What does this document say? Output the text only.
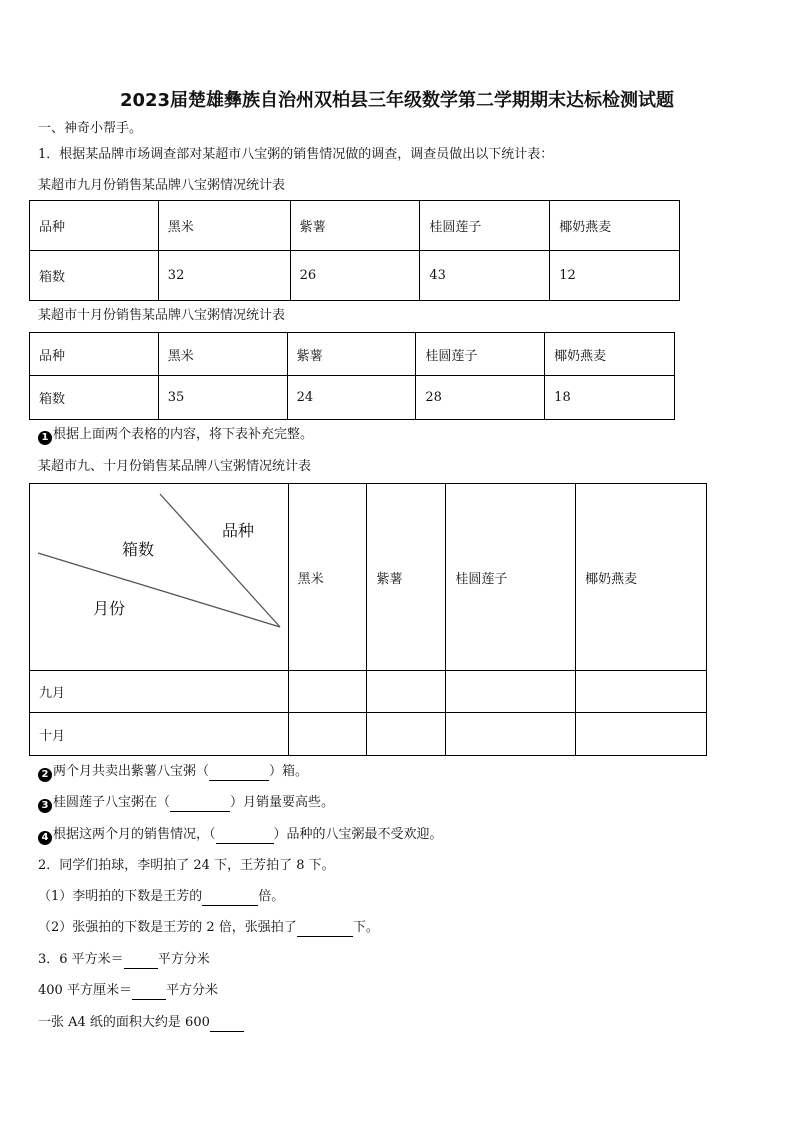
2023届楚雄彝族自治州双柏县三年级数学第二学期期末达标检测试题
一、神奇小帮手。
1．根据某品牌市场调查部对某超市八宝粥的销售情况做的调查，调查员做出以下统计表：
某超市九月份销售某品牌八宝粥情况统计表
品种	黑米	紫薯	桂圆莲子	椰奶燕麦
箱数	32	26	43	12
某超市十月份销售某品牌八宝粥情况统计表
品种	黑米	紫薯	桂圆莲子	椰奶燕麦
箱数	35	24	28	18
1 根据上面两个表格的内容，将下表补充完整。
某超市九、十月份销售某品牌八宝粥情况统计表
品种
箱数
月份	黑米	紫薯	桂圆莲子	椰奶燕麦
九月				
十月				
2 两个月共卖出紫薯八宝粥（	）箱。
3 桂圆莲子八宝粥在（	）月销量要高些。
4 根据这两个月的销售情况，（	）品种的八宝粥最不受欢迎。
2．同学们拍球，李明拍了 24 下，王芳拍了 8 下。
（1）李明拍的下数是王芳的	倍。
（2）张强拍的下数是王芳的 2 倍，张强拍了	下。
3．6 平方米＝	平方分米
400 平方厘米＝	平方分米
一张 A4 纸的面积大约是 600
